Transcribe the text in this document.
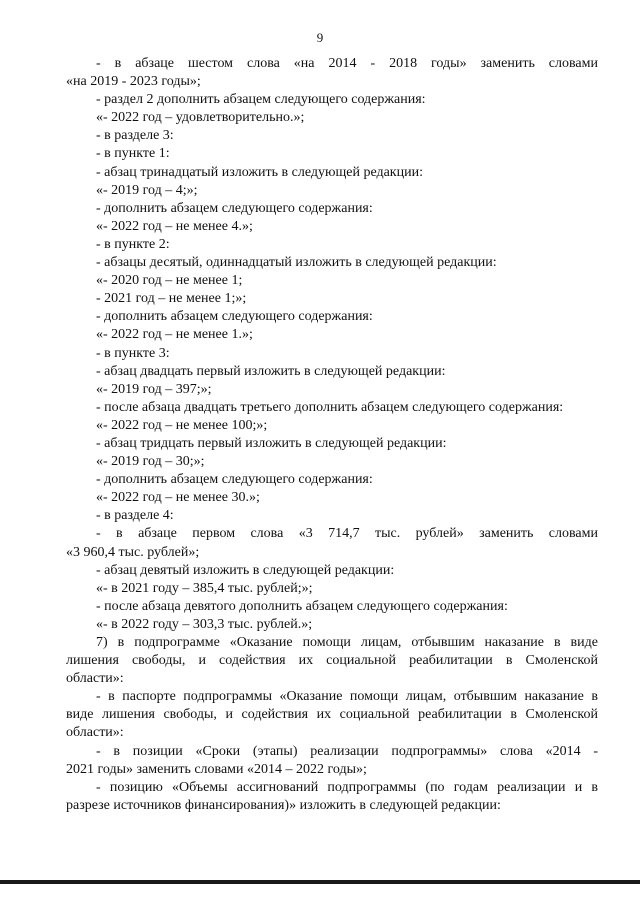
9
- в абзаце шестом слова «на 2014 - 2018 годы» заменить словами
«на 2019 - 2023 годы»;
- раздел 2 дополнить абзацем следующего содержания:
«- 2022 год – удовлетворительно.»;
- в разделе 3:
- в пункте 1:
- абзац тринадцатый изложить в следующей редакции:
«- 2019 год – 4;»;
- дополнить абзацем следующего содержания:
«- 2022 год – не менее 4.»;
- в пункте 2:
- абзацы десятый, одиннадцатый изложить в следующей редакции:
«- 2020 год – не менее 1;
- 2021 год – не менее 1;»;
- дополнить абзацем следующего содержания:
«- 2022 год – не менее 1.»;
- в пункте 3:
- абзац двадцать первый изложить в следующей редакции:
«- 2019 год – 397;»;
- после абзаца двадцать третьего дополнить абзацем следующего содержания:
«- 2022 год – не менее 100;»;
- абзац тридцать первый изложить в следующей редакции:
«- 2019 год – 30;»;
- дополнить абзацем следующего содержания:
«- 2022 год – не менее 30.»;
- в разделе 4:
- в абзаце первом слова «3 714,7 тыс. рублей» заменить словами
«3 960,4 тыс. рублей»;
- абзац девятый изложить в следующей редакции:
«- в 2021 году – 385,4 тыс. рублей;»;
- после абзаца девятого дополнить абзацем следующего содержания:
«- в 2022 году – 303,3 тыс. рублей.»;
7) в подпрограмме «Оказание помощи лицам, отбывшим наказание в виде
лишения свободы, и содействия их социальной реабилитации в Смоленской
области»:
- в паспорте подпрограммы «Оказание помощи лицам, отбывшим наказание в
виде лишения свободы, и содействия их социальной реабилитации в Смоленской
области»:
- в позиции «Сроки (этапы) реализации подпрограммы» слова «2014 -
2021 годы» заменить словами «2014 – 2022 годы»;
- позицию «Объемы ассигнований подпрограммы (по годам реализации и в
разрезе источников финансирования)» изложить в следующей редакции:
